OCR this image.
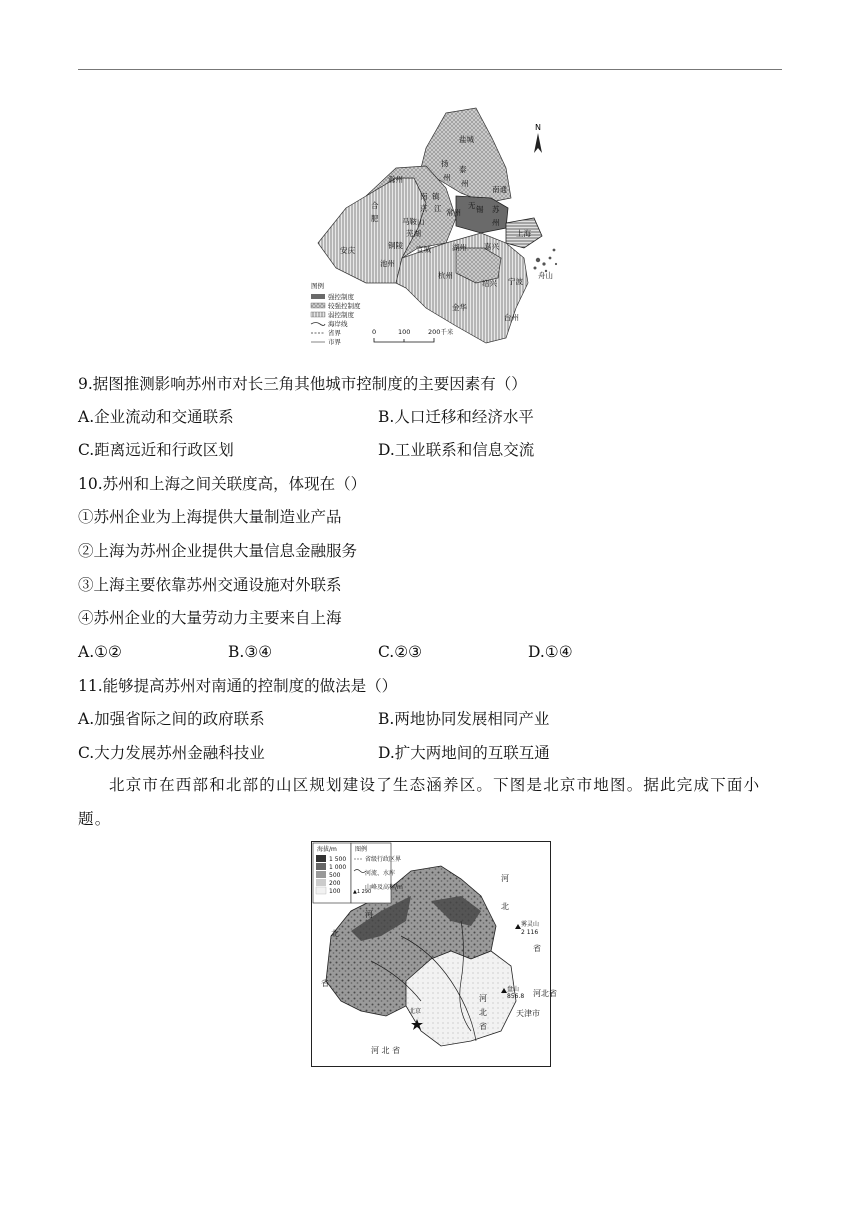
N
盐城
扬
州
泰
州
滁州
南通
南
京
镇
江 常州
无 锡 苏
州
上海
合
肥	马鞍山
芜湖
铜陵
池州
安庆	宣城	湖州 嘉兴
杭州
绍兴 宁波
舟山
金华
台州
图例
强控制度
较强控制度
弱控制度
海岸线
省界
市界
0	100	200千米
9.据图推测影响苏州市对长三角其他城市控制度的主要因素有（）
A.企业流动和交通联系	B.人口迁移和经济水平
C.距离远近和行政区划	D.工业联系和信息交流
10.苏州和上海之间关联度高，体现在（）
①苏州企业为上海提供大量制造业产品
②上海为苏州企业提供大量信息金融服务
③上海主要依靠苏州交通设施对外联系
④苏州企业的大量劳动力主要来自上海
A.①②	B.③④	C.②③	D.①④
11.能够提高苏州对南通的控制度的做法是（）
A.加强省际之间的政府联系	B.两地协同发展相同产业
C.大力发展苏州金融科技业	D.扩大两地间的互联互通
北京市在西部和北部的山区规划建设了生态涵养区。下图是北京市地图。据此完成下面小题。
海拔/m
1 500
1 000
500
200
100
图例
省级行政区界
河流、水库
▲1 290
山峰及高程/m
河
北
河
北
省
省
河 北 省
河
北
省
河北省
天津市
北京
雾灵山
2 116
盘山
856.8
